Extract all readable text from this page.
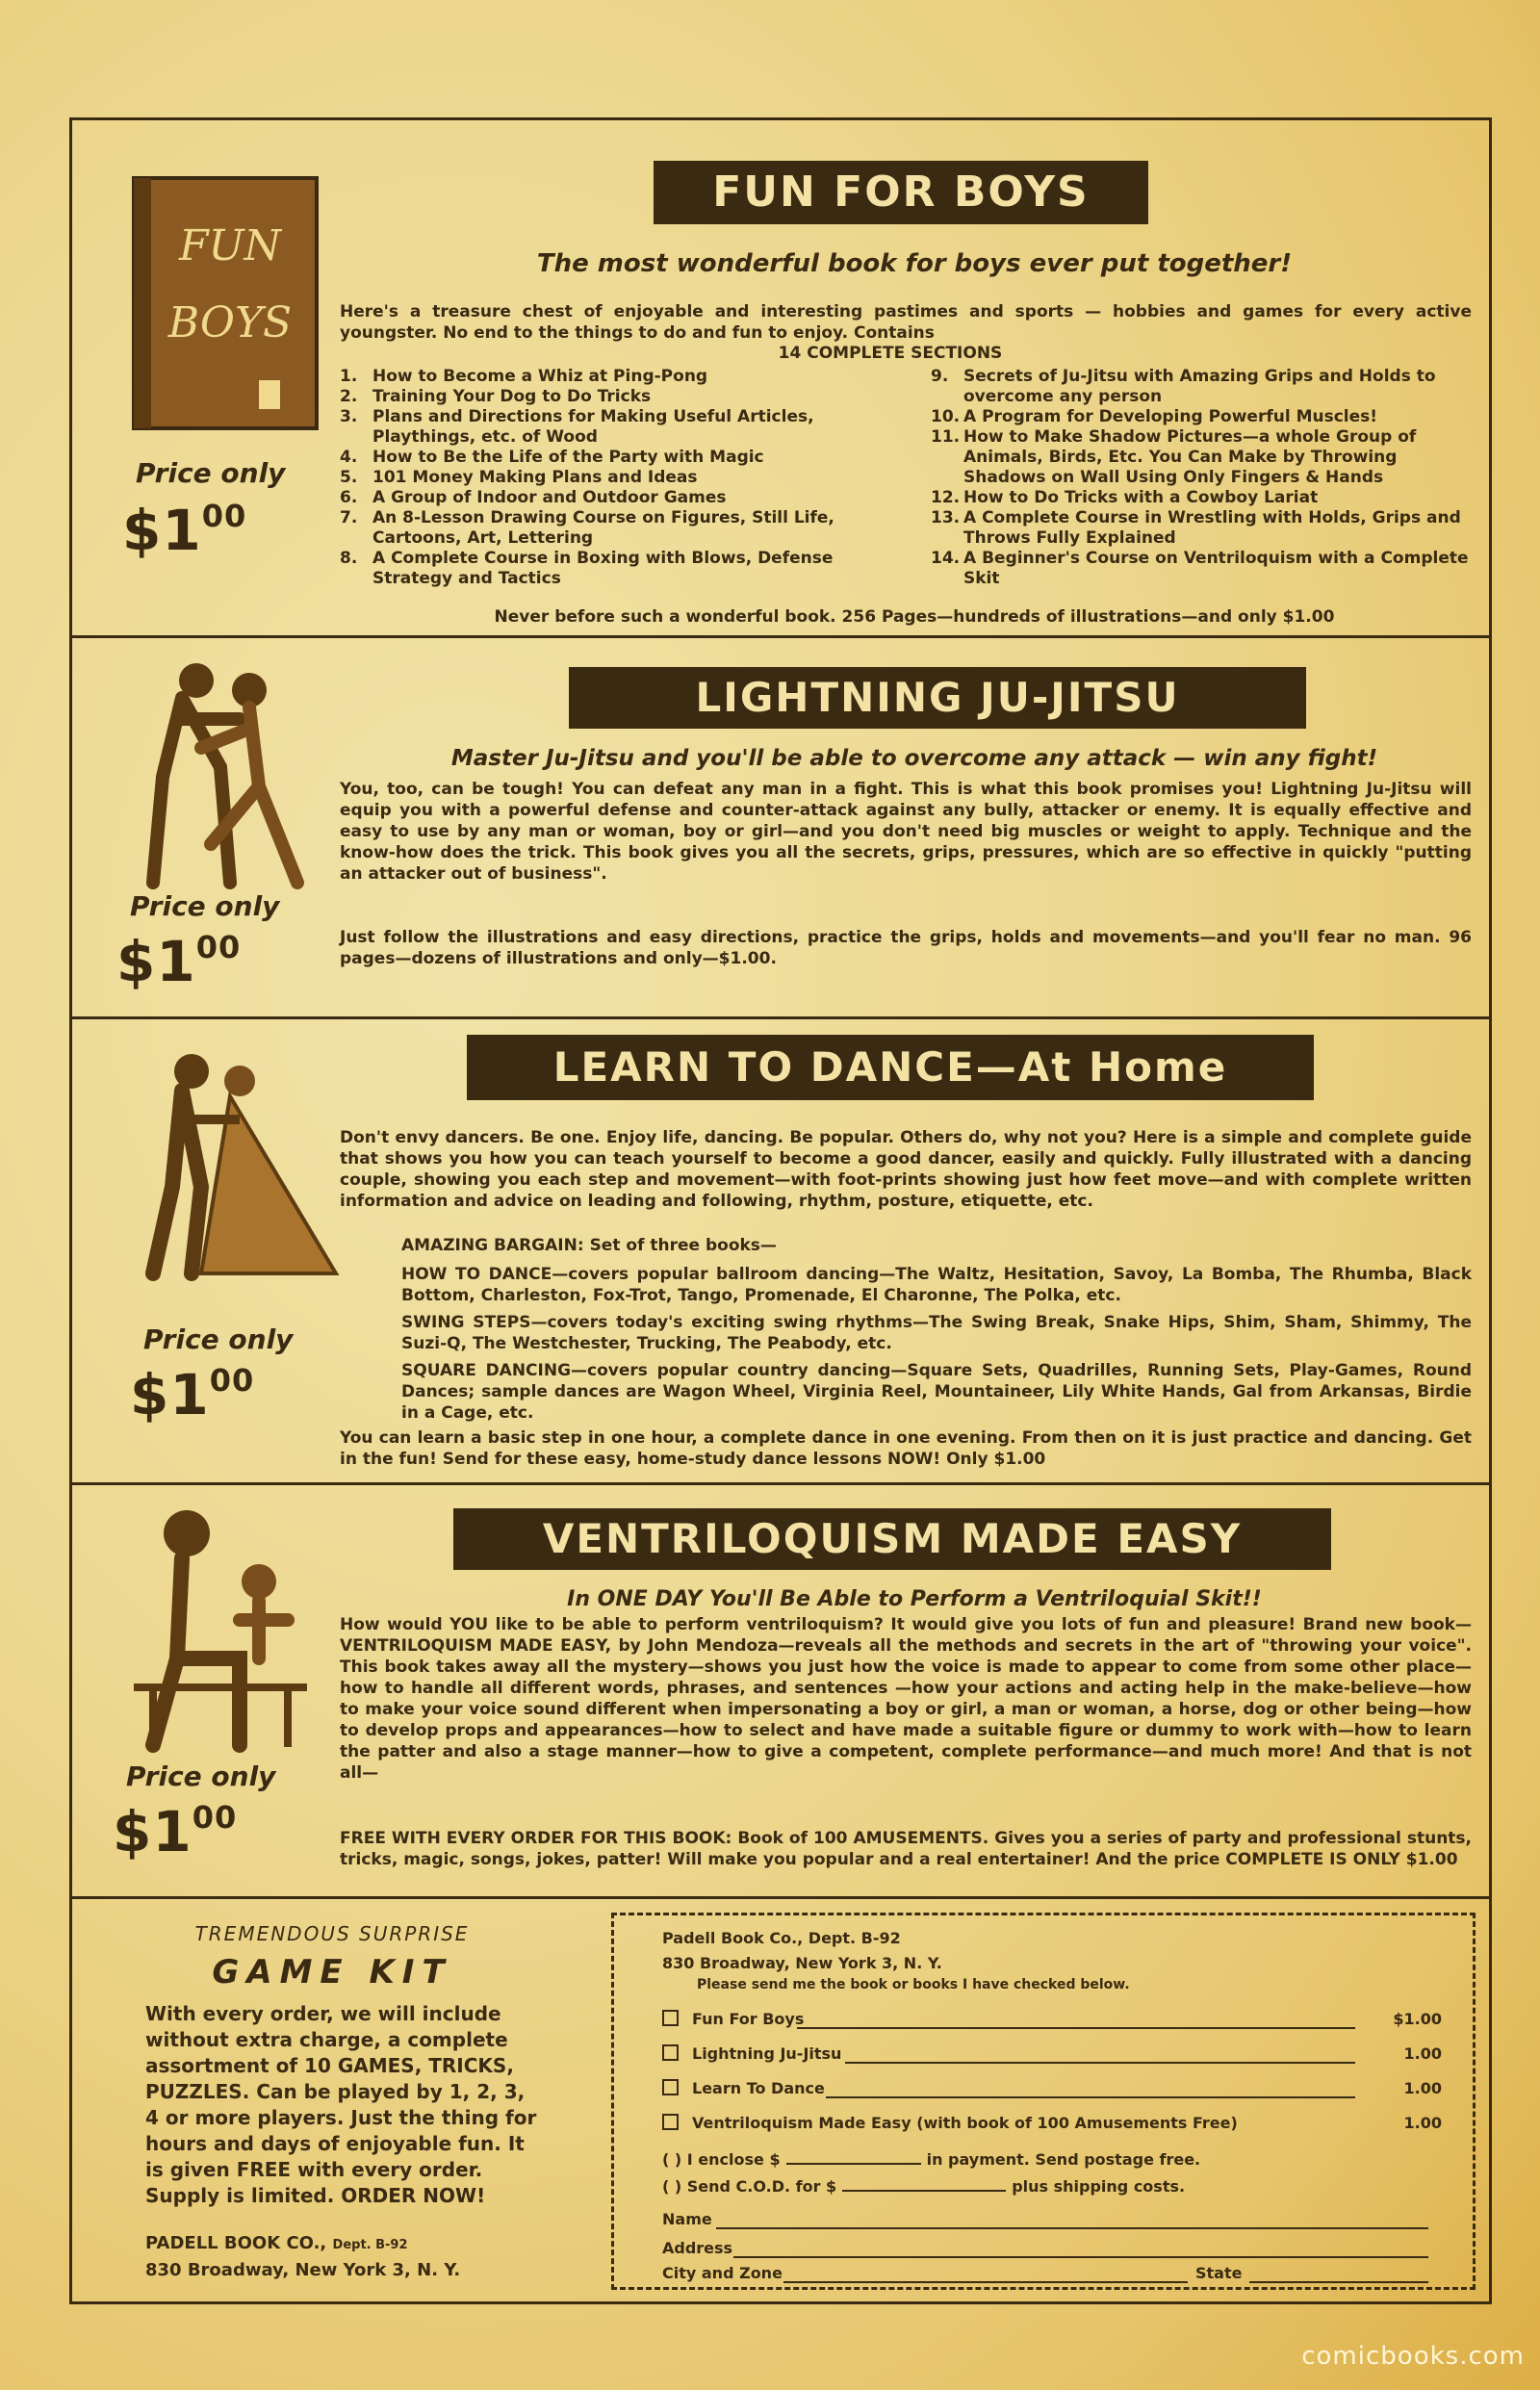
FUN
BOYS
Price only
$\$1^{00}$
FUN FOR BOYS
The most wonderful book for boys ever put together!
Here's a treasure chest of enjoyable and interesting pastimes and sports — hobbies and games for every active youngster. No end to the things to do and fun to enjoy. Contains
14 COMPLETE SECTIONS
1. How to Become a Whiz at Ping-Pong
2. Training Your Dog to Do Tricks
3. Plans and Directions for Making Useful Articles, Playthings, etc. of Wood
4. How to Be the Life of the Party with Magic
5. 101 Money Making Plans and Ideas
6. A Group of Indoor and Outdoor Games
7. An 8-Lesson Drawing Course on Figures, Still Life, Cartoons, Art, Lettering
8. A Complete Course in Boxing with Blows, Defense Strategy and Tactics
9. Secrets of Ju-Jitsu with Amazing Grips and Holds to overcome any person
10. A Program for Developing Powerful Muscles!
11. How to Make Shadow Pictures—a whole Group of Animals, Birds, Etc. You Can Make by Throwing Shadows on Wall Using Only Fingers & Hands
12. How to Do Tricks with a Cowboy Lariat
13. A Complete Course in Wrestling with Holds, Grips and Throws Fully Explained
14. A Beginner's Course on Ventriloquism with a Complete Skit
Never before such a wonderful book. 256 Pages—hundreds of illustrations—and only $1.00
Price only
$\$1^{00}$
LIGHTNING JU-JITSU
Master Ju-Jitsu and you'll be able to overcome any attack — win any fight!
You, too, can be tough! You can defeat any man in a fight. This is what this book promises you! Lightning Ju-Jitsu will equip you with a powerful defense and counter-attack against any bully, attacker or enemy. It is equally effective and easy to use by any man or woman, boy or girl—and you don't need big muscles or weight to apply. Technique and the know-how does the trick. This book gives you all the secrets, grips, pressures, which are so effective in quickly "putting an attacker out of business".
Just follow the illustrations and easy directions, practice the grips, holds and movements—and you'll fear no man. 96 pages—dozens of illustrations and only—$1.00.
Price only
$\$1^{00}$
LEARN TO DANCE—At Home
Don't envy dancers. Be one. Enjoy life, dancing. Be popular. Others do, why not you? Here is a simple and complete guide that shows you how you can teach yourself to become a good dancer, easily and quickly. Fully illustrated with a dancing couple, showing you each step and movement—with foot-prints showing just how feet move—and with complete written information and advice on leading and following, rhythm, posture, etiquette, etc.
AMAZING BARGAIN: Set of three books—
HOW TO DANCE—covers popular ballroom dancing—The Waltz, Hesitation, Savoy, La Bomba, The Rhumba, Black Bottom, Charleston, Fox-Trot, Tango, Promenade, El Charonne, The Polka, etc.
SWING STEPS—covers today's exciting swing rhythms—The Swing Break, Snake Hips, Shim, Sham, Shimmy, The Suzi-Q, The Westchester, Trucking, The Peabody, etc.
SQUARE DANCING—covers popular country dancing—Square Sets, Quadrilles, Running Sets, Play-Games, Round Dances; sample dances are Wagon Wheel, Virginia Reel, Mountaineer, Lily White Hands, Gal from Arkansas, Birdie in a Cage, etc.
You can learn a basic step in one hour, a complete dance in one evening. From then on it is just practice and dancing. Get in the fun! Send for these easy, home-study dance lessons NOW! Only $1.00
Price only
$\$1^{00}$
VENTRILOQUISM MADE EASY
In ONE DAY You'll Be Able to Perform a Ventriloquial Skit!!
How would YOU like to be able to perform ventriloquism? It would give you lots of fun and pleasure! Brand new book—VENTRILOQUISM MADE EASY, by John Mendoza—reveals all the methods and secrets in the art of "throwing your voice". This book takes away all the mystery—shows you just how the voice is made to appear to come from some other place—how to handle all different words, phrases, and sentences —how your actions and acting help in the make-believe—how to make your voice sound different when impersonating a boy or girl, a man or woman, a horse, dog or other being—how to develop props and appearances—how to select and have made a suitable figure or dummy to work with—how to learn the patter and also a stage manner—how to give a competent, complete performance—and much more! And that is not all—
FREE WITH EVERY ORDER FOR THIS BOOK: Book of 100 AMUSEMENTS. Gives you a series of party and professional stunts, tricks, magic, songs, jokes, patter! Will make you popular and a real entertainer! And the price COMPLETE IS ONLY $1.00
TREMENDOUS SURPRISE
GAME KIT
With every order, we will include without extra charge, a complete assortment of 10 GAMES, TRICKS, PUZZLES. Can be played by 1, 2, 3, 4 or more players. Just the thing for hours and days of enjoyable fun. It is given FREE with every order. Supply is limited. ORDER NOW!
PADELL BOOK CO., Dept. B-92
830 Broadway, New York 3, N. Y.
Padell Book Co., Dept. B-92
830 Broadway, New York 3, N. Y.
Please send me the book or books I have checked below.
Fun For Boys	$1.00
Lightning Ju-Jitsu	1.00
Learn To Dance	1.00
Ventriloquism Made Easy (with book of 100 Amusements Free)	1.00
( ) I enclose $	in payment. Send postage free.
( ) Send C.O.D. for $	plus shipping costs.
Name
Address
City and Zone	State
comicbooks.com
